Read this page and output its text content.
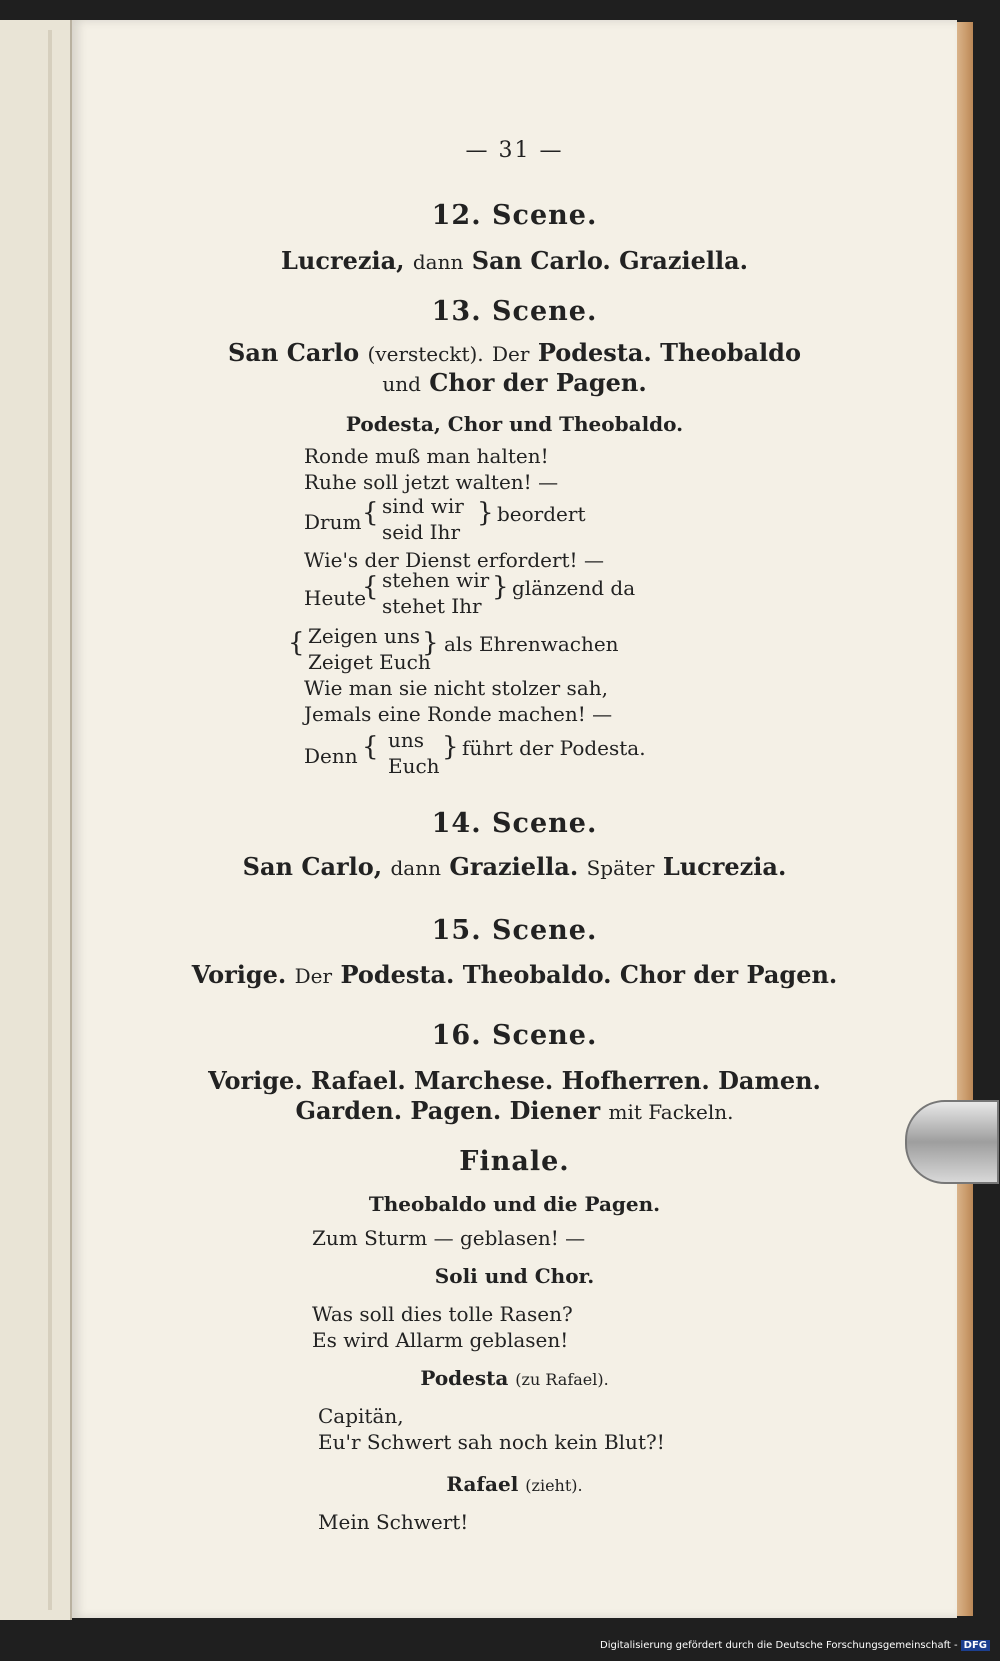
— 31 —
12. Scene.
Lucrezia, dann San Carlo. Graziella.
13. Scene.
San Carlo (versteckt). Der Podesta. Theobaldo
und Chor der Pagen.
Podesta, Chor und Theobaldo.
Ronde muß man halten!
Ruhe soll jetzt walten! —
Drum { sind wir
seid Ihr
} beordert
Wie's der Dienst erfordert! —
Heute
{ stehen wir
stehet Ihr
} glänzend da
{ Zeigen uns
Zeiget Euch
} als Ehrenwachen
Wie man sie nicht stolzer sah,
Jemals eine Ronde machen! —
Denn { uns
Euch
} führt der Podesta.
14. Scene.
San Carlo, dann Graziella. Später Lucrezia.
15. Scene.
Vorige. Der Podesta. Theobaldo. Chor der Pagen.
16. Scene.
Vorige. Rafael. Marchese. Hofherren. Damen.
Garden. Pagen. Diener mit Fackeln.
Finale.
Theobaldo und die Pagen.
Zum Sturm — geblasen! —
Soli und Chor.
Was soll dies tolle Rasen?
Es wird Allarm geblasen!
Podesta (zu Rafael).
Capitän,
Eu'r Schwert sah noch kein Blut?!
Rafael (zieht).
Mein Schwert!
Digitalisierung gefördert durch die Deutsche Forschungsgemeinschaft - DFG
